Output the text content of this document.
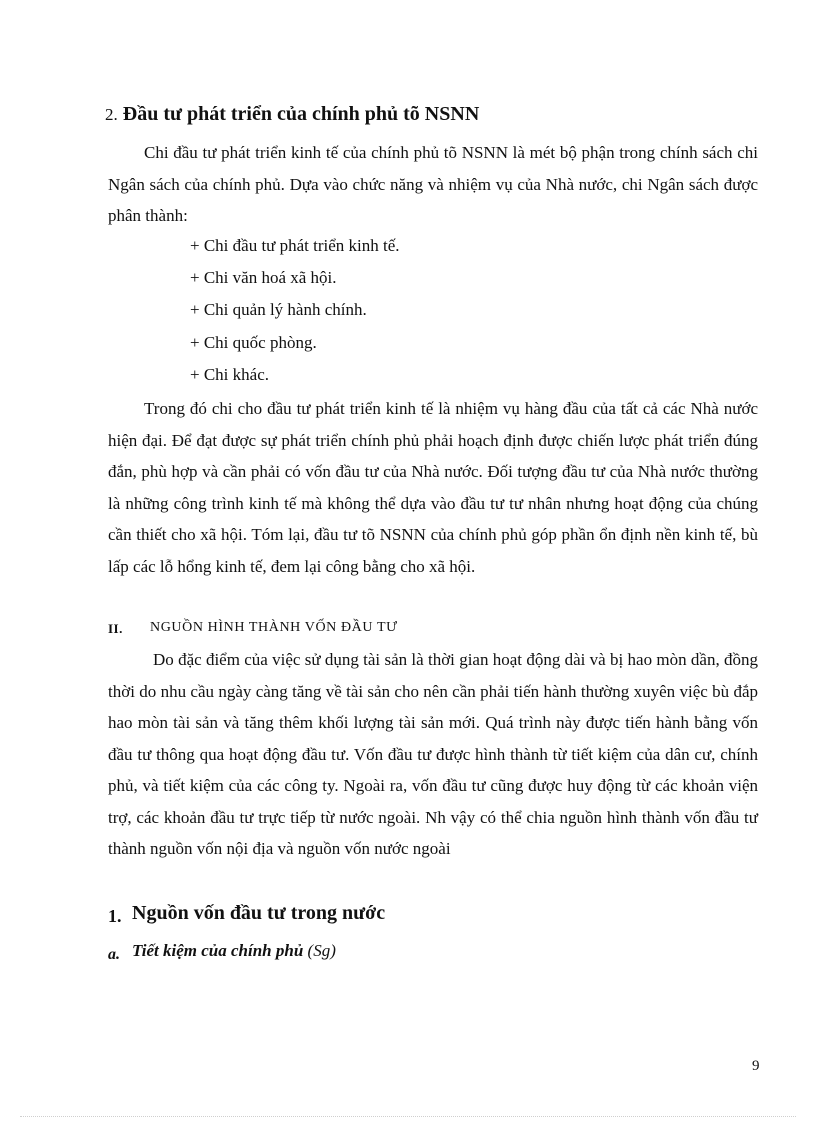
2. Đầu tư phát triển của chính phủ tõ NSNN
Chi đầu tư phát triển kinh tế của chính phủ tõ NSNN là mét bộ phận trong chính sách chi Ngân sách của chính phủ. Dựa vào chức năng và nhiệm vụ của Nhà nước, chi Ngân sách được phân thành:
+ Chi đầu tư phát triển kinh tế.
+ Chi văn hoá xã hội.
+ Chi quản lý hành chính.
+ Chi quốc phòng.
+ Chi khác.
Trong đó chi cho đầu tư phát triển kinh tế là nhiệm vụ hàng đầu của tất cả các Nhà nước hiện đại. Để đạt được sự phát triển chính phủ phải hoạch định được chiến lược phát triển đúng đắn, phù hợp và cần phải có vốn đầu tư của Nhà nước. Đối tượng đầu tư của Nhà nước thường là những công trình kinh tế mà không thể dựa vào đầu tư tư nhân nhưng hoạt động của chúng cần thiết cho xã hội. Tóm lại, đầu tư tõ NSNN của chính phủ góp phần ổn định nền kinh tế, bù lấp các lỗ hổng kinh tế, đem lại công bằng cho xã hội.
II. NGUỒN HÌNH THÀNH VỐN ĐẦU TƯ
Do đặc điểm của việc sử dụng tài sản là thời gian hoạt động dài và bị hao mòn dần, đồng thời do nhu cầu ngày càng tăng về tài sản cho nên cần phải tiến hành thường xuyên việc bù đắp hao mòn tài sản và tăng thêm khối lượng tài sản mới. Quá trình này được tiến hành bằng vốn đầu tư thông qua hoạt động đầu tư. Vốn đầu tư được hình thành từ tiết kiệm của dân cư, chính phủ, và tiết kiệm của các công ty. Ngoài ra, vốn đầu tư cũng được huy động từ các khoản viện trợ, các khoản đầu tư trực tiếp từ nước ngoài. Nh vậy có thể chia nguồn hình thành vốn đầu tư thành nguồn vốn nội địa và nguồn vốn nước ngoài
1. Nguồn vốn đầu tư trong nước
a. Tiết kiệm của chính phủ (Sg)
9
